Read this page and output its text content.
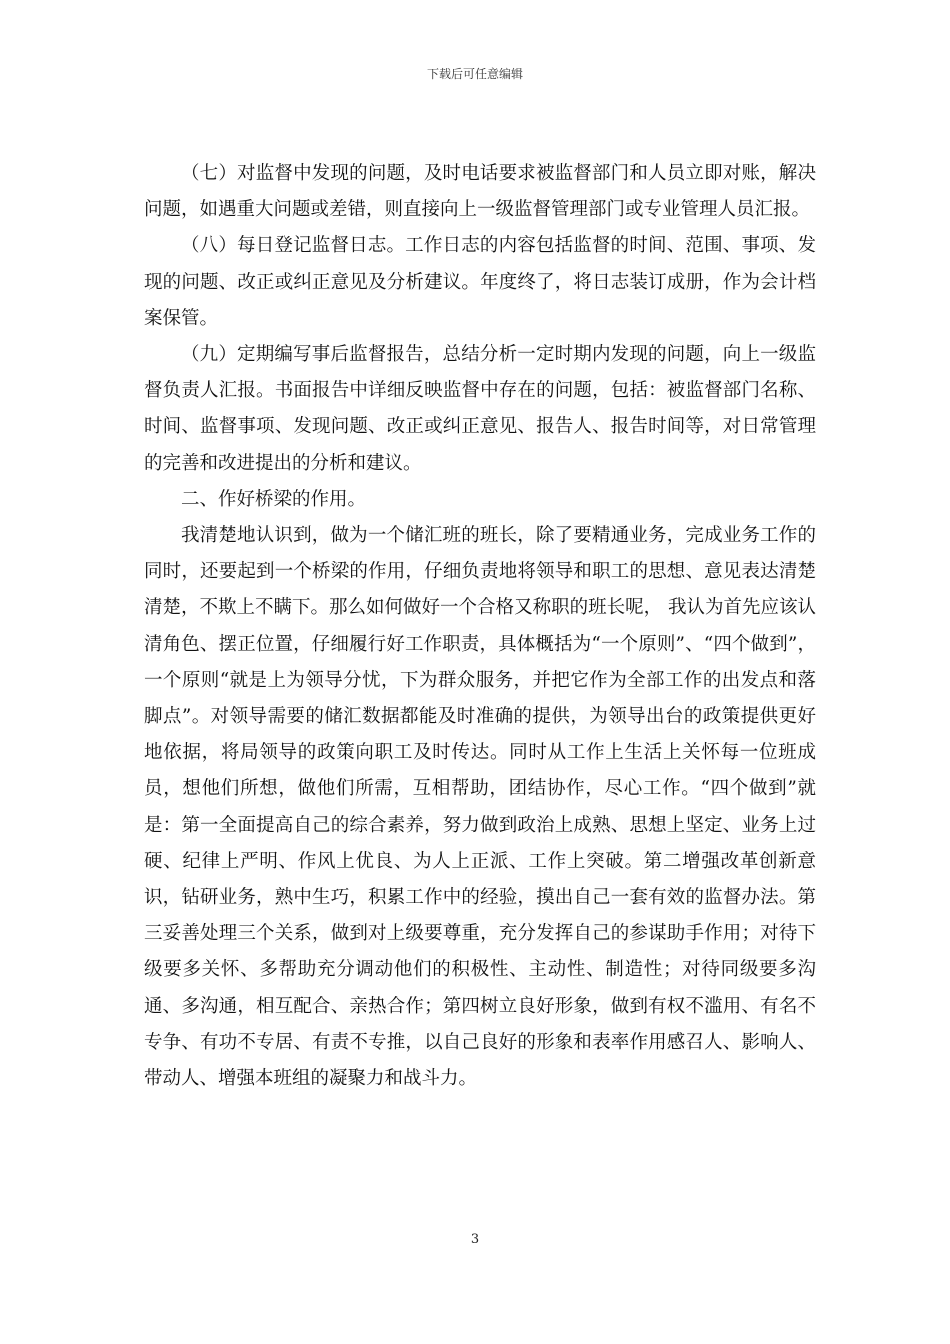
下载后可任意编辑

（七）对监督中发现的问题，及时电话要求被监督部门和人员立即对账，解决问题，如遇重大问题或差错，则直接向上一级监督管理部门或专业管理人员汇报。

（八）每日登记监督日志。工作日志的内容包括监督的时间、范围、事项、发现的问题、改正或纠正意见及分析建议。年度终了，将日志装订成册，作为会计档案保管。

（九）定期编写事后监督报告，总结分析一定时期内发现的问题，向上一级监督负责人汇报。书面报告中详细反映监督中存在的问题，包括：被监督部门名称、时间、监督事项、发现问题、改正或纠正意见、报告人、报告时间等，对日常管理的完善和改进提出的分析和建议。

二、作好桥梁的作用。

我清楚地认识到，做为一个储汇班的班长，除了要精通业务，完成业务工作的同时，还要起到一个桥梁的作用，仔细负责地将领导和职工的思想、意见表达清楚清楚，不欺上不瞒下。那么如何做好一个合格又称职的班长呢， 我认为首先应该认清角色、摆正位置，仔细履行好工作职责，具体概括为“一个原则”、“四个做到”，一个原则“就是上为领导分忧，下为群众服务，并把它作为全部工作的出发点和落脚点”。对领导需要的储汇数据都能及时准确的提供，为领导出台的政策提供更好地依据，将局领导的政策向职工及时传达。同时从工作上生活上关怀每一位班成员，想他们所想，做他们所需，互相帮助，团结协作，尽心工作。“四个做到”就是：第一全面提高自己的综合素养，努力做到政治上成熟、思想上坚定、业务上过硬、纪律上严明、作风上优良、为人上正派、工作上突破。第二增强改革创新意识，钻研业务，熟中生巧，积累工作中的经验，摸出自己一套有效的监督办法。第三妥善处理三个关系，做到对上级要尊重，充分发挥自己的参谋助手作用；对待下级要多关怀、多帮助充分调动他们的积极性、主动性、制造性；对待同级要多沟通、多沟通，相互配合、亲热合作；第四树立良好形象，做到有权不滥用、有名不专争、有功不专居、有责不专推，以自己良好的形象和表率作用感召人、影响人、带动人、增强本班组的凝聚力和战斗力。

3
